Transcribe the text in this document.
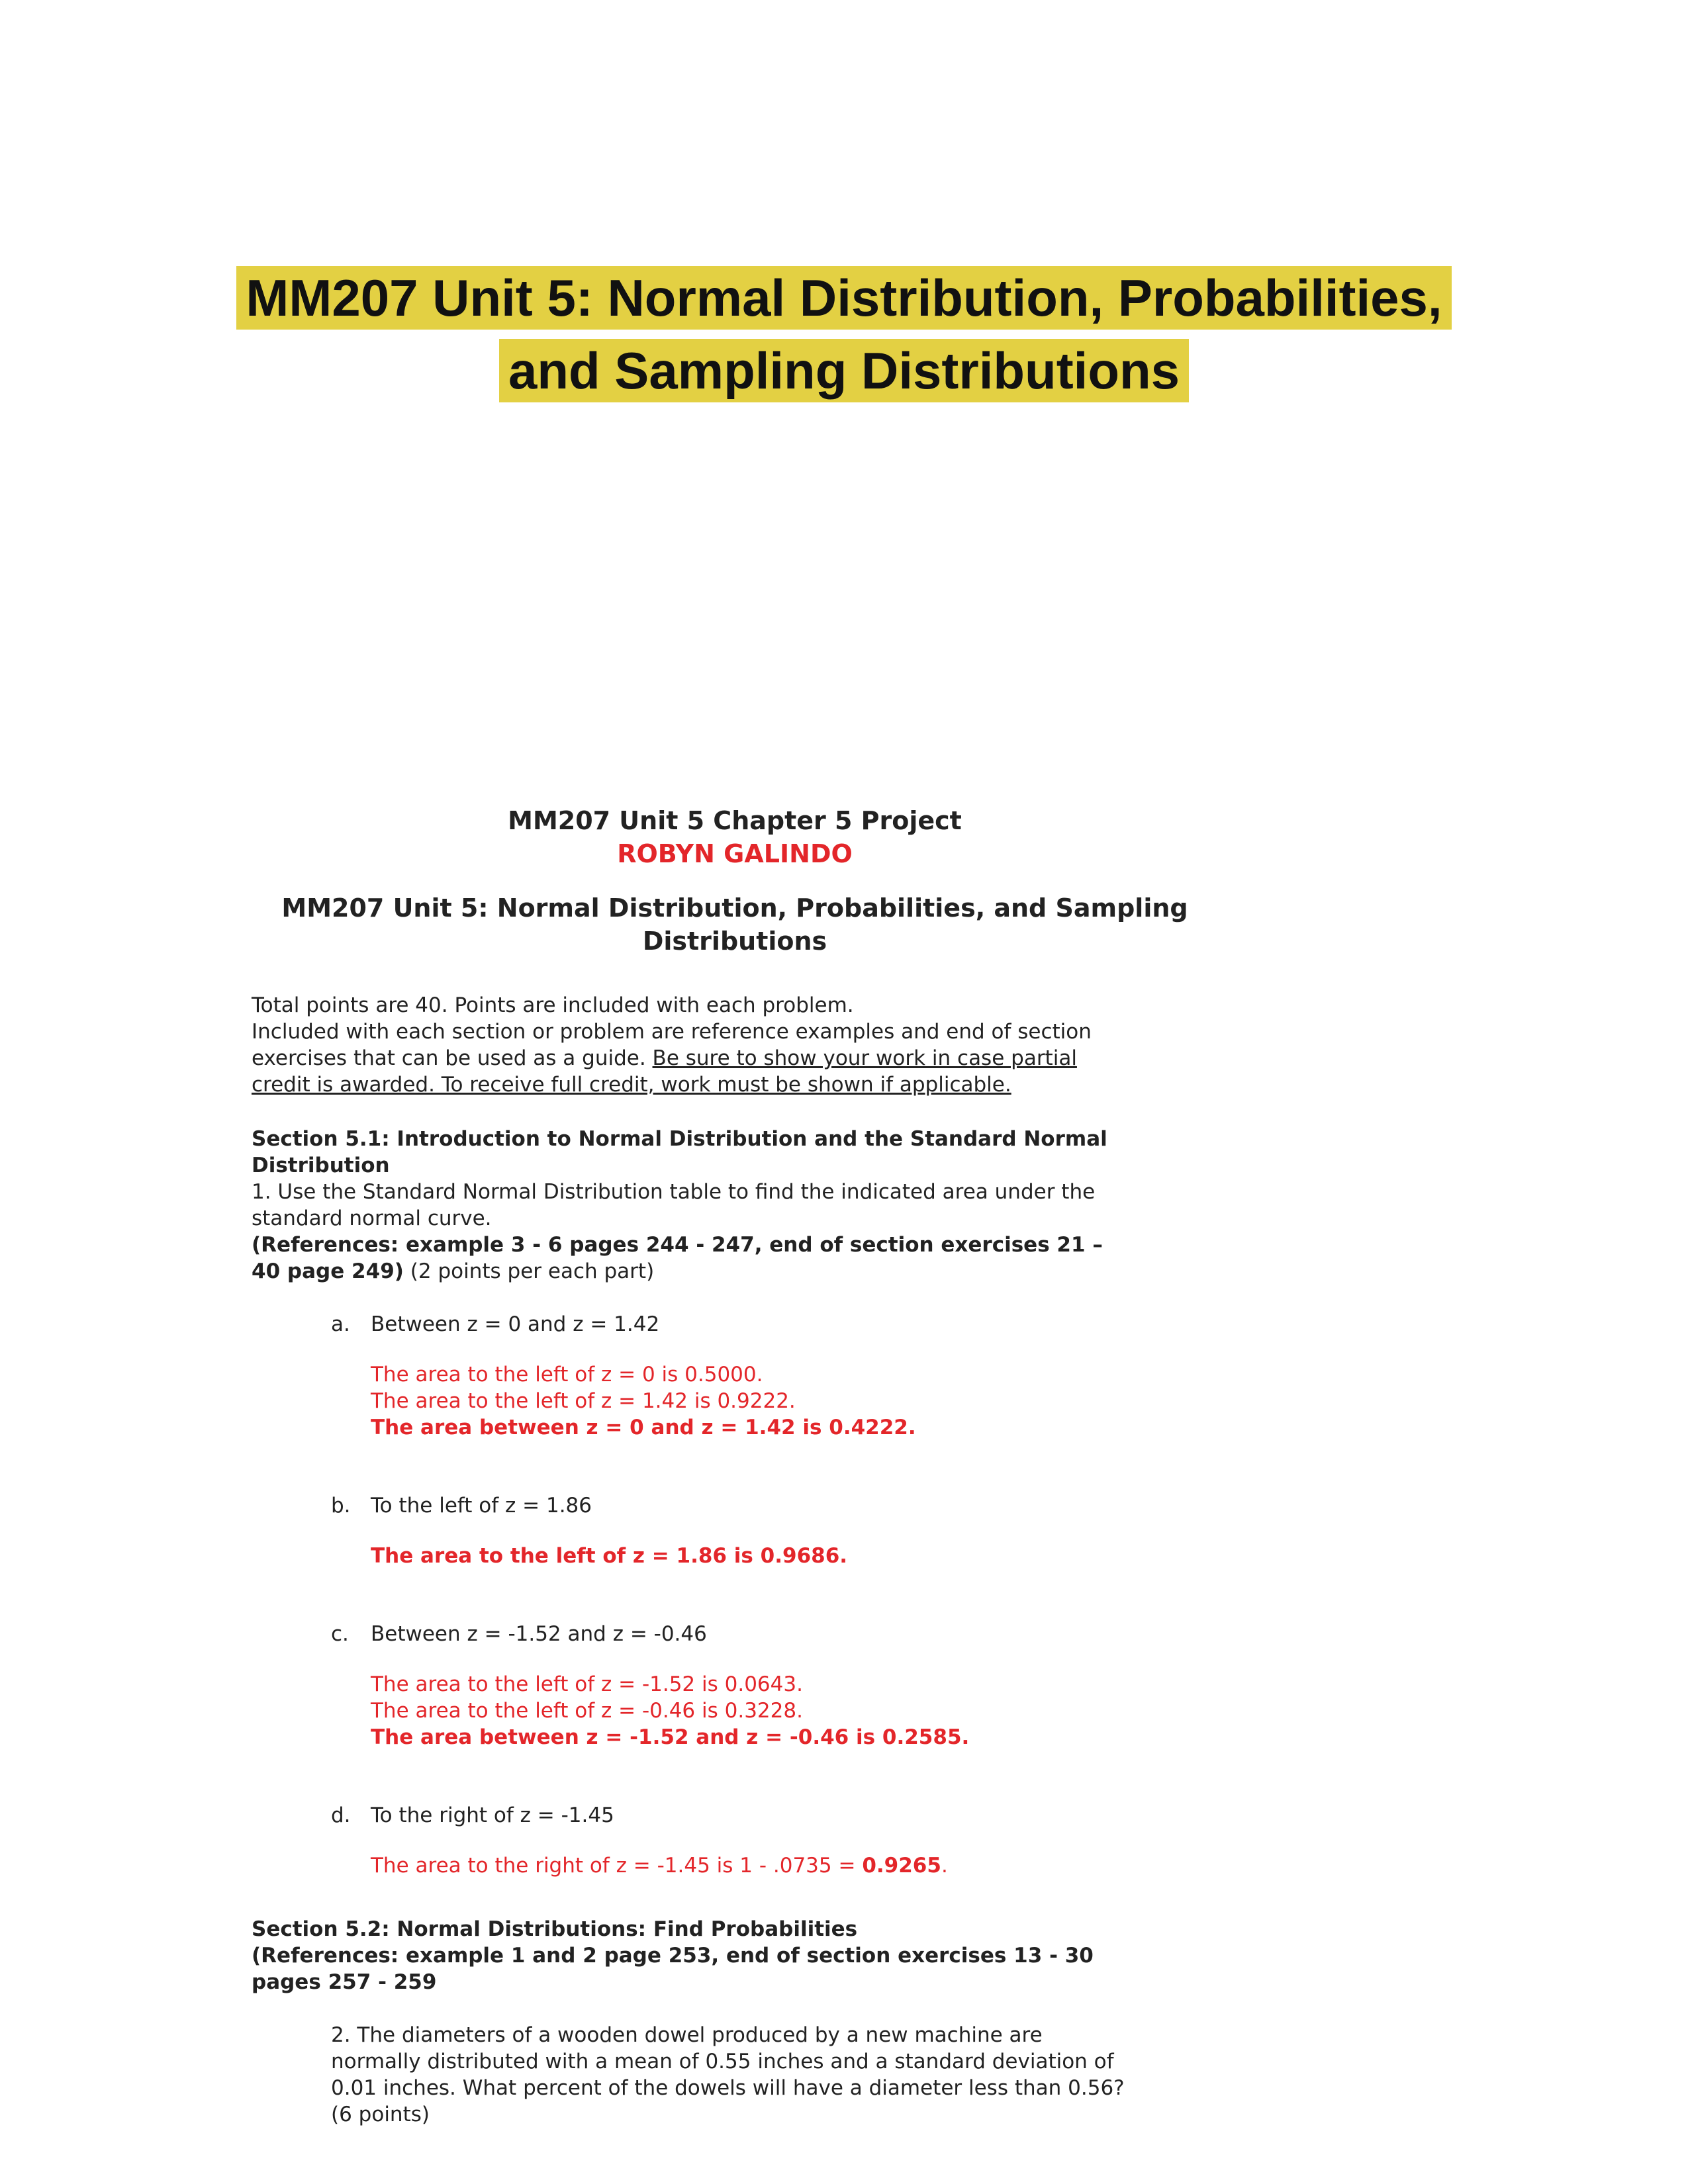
MM207 Unit 5: Normal Distribution, Probabilities,
and Sampling Distributions
MM207 Unit 5 Chapter 5 Project
ROBYN GALINDO
MM207 Unit 5: Normal Distribution, Probabilities, and Sampling
Distributions

Total points are 40. Points are included with each problem.

Included with each section or problem are reference examples and end of section

exercises that can be used as a guide. Be sure to show your work in case partial

credit is awarded. To receive full credit, work must be shown if applicable.

Section 5.1: Introduction to Normal Distribution and the Standard Normal
Distribution
1. Use the Standard Normal Distribution table to find the indicated area under the
standard normal curve.
(References: example 3 - 6 pages 244 - 247, end of section exercises 21 –
40 page 249) (2 points per each part)
a.	Between z = 0 and z = 1.42
The area to the left of z = 0 is 0.5000.
The area to the left of z = 1.42 is 0.9222.
The area between z = 0 and z = 1.42 is 0.4222.
b. To the left of z = 1.86
The area to the left of z = 1.86 is 0.9686.
c.	Between z = -1.52 and z = -0.46
The area to the left of z = -1.52 is 0.0643.
The area to the left of z = -0.46 is 0.3228.
The area between z = -1.52 and z = -0.46 is 0.2585.
d. To the right of z = -1.45
The area to the right of z = -1.45 is 1 - .0735 = 0.9265.
Section 5.2: Normal Distributions: Find Probabilities
(References: example 1 and 2 page 253, end of section exercises 13 - 30
pages 257 - 259
2. The diameters of a wooden dowel produced by a new machine are
normally distributed with a mean of 0.55 inches and a standard deviation of
0.01 inches. What percent of the dowels will have a diameter less than 0.56?
(6 points)
